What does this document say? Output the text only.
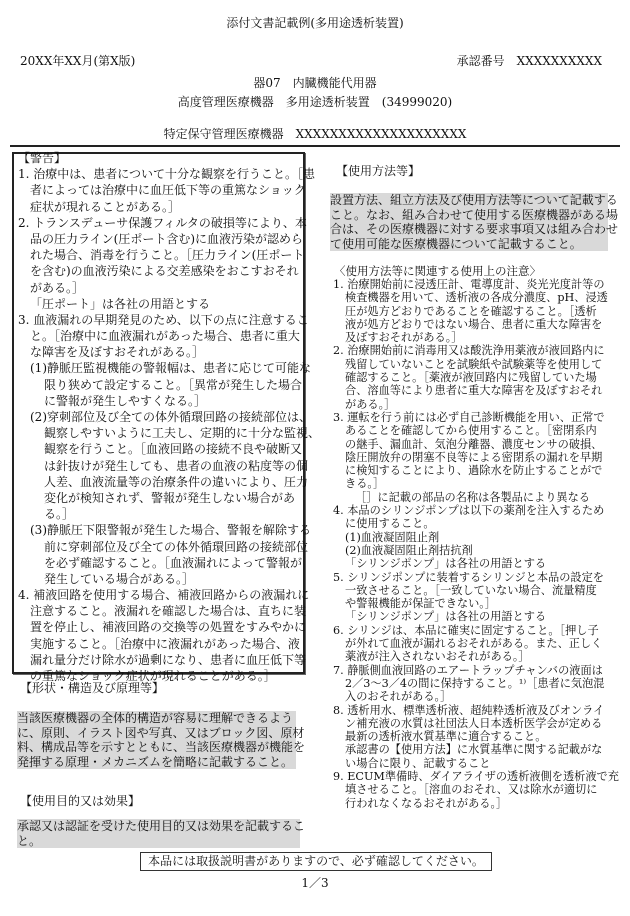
添付文書記載例(多用途透析装置)
20XX年XX月(第X版)	承認番号　XXXXXXXXXX
器07　内臓機能代用器
高度管理医療機器　多用途透析装置　(34999020)
特定保守管理医療機器　XXXXXXXXXXXXXXXXXXXX
【警告】
1. 治療中は、患者について十分な観察を行うこと。［患
者によっては治療中に血圧低下等の重篤なショック
症状が現れることがある。］
2. トランスデューサ保護フィルタの破損等により、本
品の圧力ライン(圧ポート含む)に血液汚染が認めら
れた場合、消毒を行うこと。［圧力ライン(圧ポート
を含む)の血液汚染による交差感染をおこすおそれ
がある。］
「圧ポート」は各社の用語とする
3. 血液漏れの早期発見のため、以下の点に注意するこ
と。［治療中に血液漏れがあった場合、患者に重大
な障害を及ぼすおそれがある。］
(1)静脈圧監視機能の警報幅は、患者に応じて可能な
限り狭めて設定すること。［異常が発生した場合
に警報が発生しやすくなる。］
(2)穿刺部位及び全ての体外循環回路の接続部位は、
観察しやすいように工夫し、定期的に十分な監視、
観察を行うこと。［血液回路の接続不良や破断又
は針抜けが発生しても、患者の血液の粘度等の個
人差、血液流量等の治療条件の違いにより、圧力
変化が検知されず、警報が発生しない場合があ
る。］
(3)静脈圧下限警報が発生した場合、警報を解除する
前に穿刺部位及び全ての体外循環回路の接続部位
を必ず確認すること。［血液漏れによって警報が
発生している場合がある。］
4. 補液回路を使用する場合、補液回路からの液漏れに
注意すること。液漏れを確認した場合は、直ちに装
置を停止し、補液回路の交換等の処置をすみやかに
実施すること。［治療中に液漏れがあった場合、液
漏れ量分だけ除水が過剰になり、患者に血圧低下等
の重篤なショック症状が現れることがある。］
【形状・構造及び原理等】
当該医療機器の全体的構造が容易に理解できるよう
に、原則、イラスト図や写真、又はブロック図、原材
料、構成品等を示すとともに、当該医療機器が機能を
発揮する原理・メカニズムを簡略に記載すること。
【使用目的又は効果】
承認又は認証を受けた使用目的又は効果を記載するこ
と。
【使用方法等】
設置方法、組立方法及び使用方法等について記載する
こと。なお、組み合わせて使用する医療機器がある場
合は、その医療機器に対する要求事項又は組み合わせ
て使用可能な医療機器について記載すること。
〈使用方法等に関連する使用上の注意〉
1. 治療開始前に浸透圧計、電導度計、炎光光度計等の
検査機器を用いて、透析液の各成分濃度、pH、浸透
圧が処方どおりであることを確認すること。［透析
液が処方どおりではない場合、患者に重大な障害を
及ぼすおそれがある。］
2. 治療開始前に消毒用又は酸洗浄用薬液が液回路内に
残留していないことを試験紙や試験薬等を使用して
確認すること。［薬液が液回路内に残留していた場
合、溶血等により患者に重大な障害を及ぼすおそれ
がある。］
3. 運転を行う前には必ず自己診断機能を用い、正常で
あることを確認してから使用すること。［密閉系内
の継手、漏血計、気泡分離器、濃度センサの破損、
陰圧開放弁の閉塞不良等による密閉系の漏れを早期
に検知することにより、過除水を防止することがで
きる。］
［］に記載の部品の名称は各製品により異なる
4. 本品のシリンジポンプは以下の薬剤を注入するため
に使用すること。
(1)血液凝固阻止剤
(2)血液凝固阻止剤拮抗剤
「シリンジポンプ」は各社の用語とする
5. シリンジポンプに装着するシリンジと本品の設定を
一致させること。［一致していない場合、流量精度
や警報機能が保証できない。］
「シリンジポンプ」は各社の用語とする
6. シリンジは、本品に確実に固定すること。［押し子
が外れて血液が漏れるおそれがある。また、正しく
薬液が注入されないおそれがある。］
7. 静脈側血液回路のエアートラップチャンバの液面は
2／3～3／4の間に保持すること。¹⁾［患者に気泡混
入のおそれがある。］
8. 透析用水、標準透析液、超純粋透析液及びオンライ
ン補充液の水質は社団法人日本透析医学会が定める
最新の透析液水質基準に適合すること。
承認書の【使用方法】に水質基準に関する記載がな
い場合に限り、記載すること
9. ECUM準備時、ダイアライザの透析液側を透析液で充
填させること。［溶血のおそれ、又は除水が適切に
行われなくなるおそれがある。］
本品には取扱説明書がありますので、必ず確認してください。
1／3
